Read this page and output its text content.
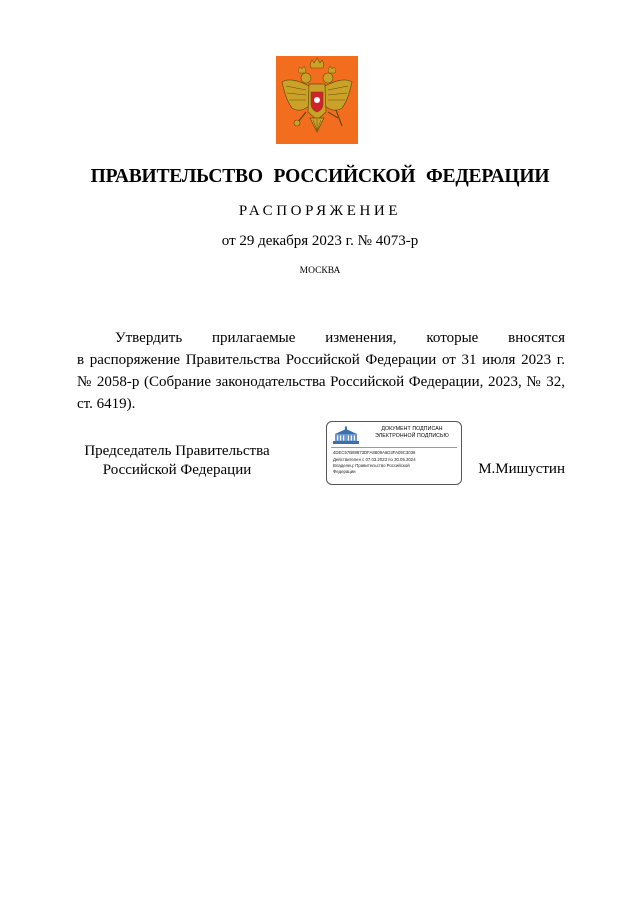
ПРАВИТЕЛЬСТВО РОССИЙСКОЙ ФЕДЕРАЦИИ
РАСПОРЯЖЕНИЕ
от 29 декабря 2023 г. № 4073-р
МОСКВА
Утвердить прилагаемые изменения, которые вносятся
в распоряжение Правительства Российской Федерации от 31 июля 2023 г.
№ 2058-р (Собрание законодательства Российской Федерации, 2023, № 32,
ст. 6419).
Председатель Правительства
Российской Федерации
ДОКУМЕНТ ПОДПИСАН
ЭЛЕКТРОННОЙ ПОДПИСЬЮ
4DEC57B88873DFA8809A6D3FA09C3038
Действителен с 07.03.2023 по 30.05.2024
Владелец: Правительство Российской
Федерации	М.Мишустин
